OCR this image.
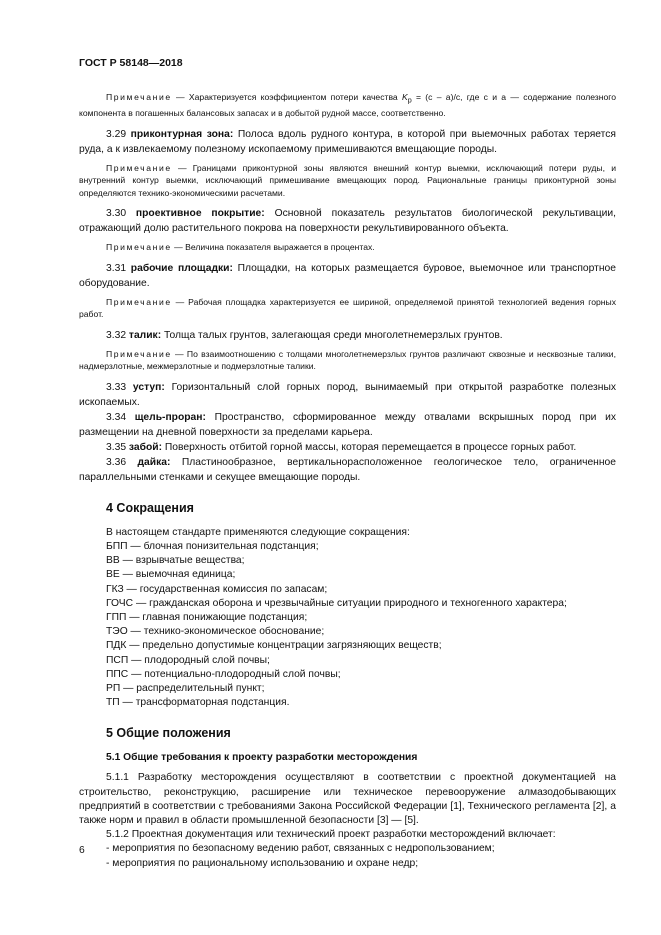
ГОСТ Р 58148—2018

Примечание — Характеризуется коэффициентом потери качества $K_p = (c - a)/c$, где c и a — содержание полезного компонента в погашенных балансовых запасах и в добытой рудной массе, соответственно.

3.29 приконтурная зона: Полоса вдоль рудного контура, в которой при выемочных работах теряется руда, а к извлекаемому полезному ископаемому примешиваются вмещающие породы.

Примечание — Границами приконтурной зоны являются внешний контур выемки, исключающий потери руды, и внутренний контур выемки, исключающий примешивание вмещающих пород. Рациональные границы приконтурной зоны определяются технико-экономическими расчетами.

3.30 проективное покрытие: Основной показатель результатов биологической рекультивации, отражающий долю растительного покрова на поверхности рекультивированного объекта.

Примечание — Величина показателя выражается в процентах.

3.31 рабочие площадки: Площадки, на которых размещается буровое, выемочное или транспортное оборудование.

Примечание — Рабочая площадка характеризуется ее шириной, определяемой принятой технологией ведения горных работ.

3.32 талик: Толща талых грунтов, залегающая среди многолетнемерзлых грунтов.

Примечание — По взаимоотношению с толщами многолетнемерзлых грунтов различают сквозные и несквозные талики, надмерзлотные, межмерзлотные и подмерзлотные талики.

3.33 уступ: Горизонтальный слой горных пород, вынимаемый при открытой разработке полезных ископаемых.

3.34 щель-проран: Пространство, сформированное между отвалами вскрышных пород при их размещении на дневной поверхности за пределами карьера.

3.35 забой: Поверхность отбитой горной массы, которая перемещается в процессе горных работ.

3.36 дайка: Пластинообразное, вертикальнорасположенное геологическое тело, ограниченное параллельными стенками и секущее вмещающие породы.

4 Сокращения

В настоящем стандарте применяются следующие сокращения:

БПП — блочная понизительная подстанция;

ВВ — взрывчатые вещества;

ВЕ — выемочная единица;

ГКЗ — государственная комиссия по запасам;

ГОЧС — гражданская оборона и чрезвычайные ситуации природного и техногенного характера;

ГПП — главная понижающие подстанция;

ТЭО — технико-экономическое обоснование;

ПДК — предельно допустимые концентрации загрязняющих веществ;

ПСП — плодородный слой почвы;

ППС — потенциально-плодородный слой почвы;

РП — распределительный пункт;

ТП — трансформаторная подстанция.

5 Общие положения
5.1 Общие требования к проекту разработки месторождения

5.1.1 Разработку месторождения осуществляют в соответствии с проектной документацией на строительство, реконструкцию, расширение или техническое перевооружение алмазодобывающих предприятий в соответствии с требованиями Закона Российской Федерации [1], Технического регламента [2], а также норм и правил в области промышленной безопасности [3] — [5].

5.1.2 Проектная документация или технический проект разработки месторождений включает:

- мероприятия по безопасному ведению работ, связанных с недропользованием;

- мероприятия по рациональному использованию и охране недр;

6
